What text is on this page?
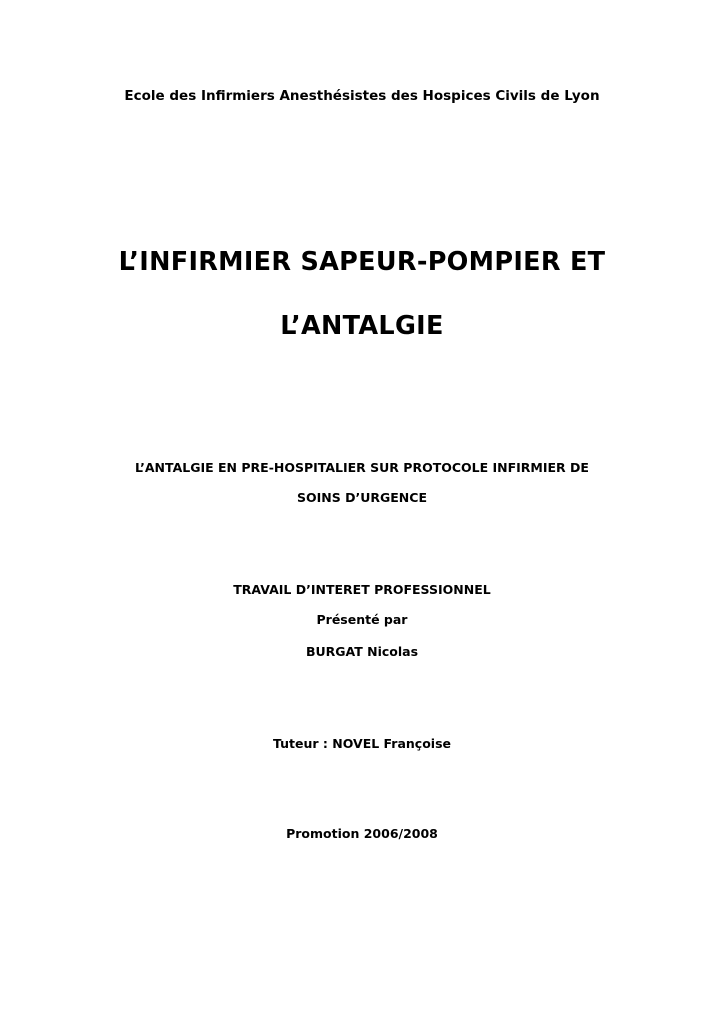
Ecole des Infirmiers Anesthésistes des Hospices Civils de Lyon
L’INFIRMIER SAPEUR-POMPIER ET
L’ANTALGIE
L’ANTALGIE EN PRE-HOSPITALIER SUR PROTOCOLE INFIRMIER DE
SOINS D’URGENCE
TRAVAIL D’INTERET PROFESSIONNEL
Présenté par
BURGAT Nicolas
Tuteur : NOVEL Françoise
Promotion 2006/2008
